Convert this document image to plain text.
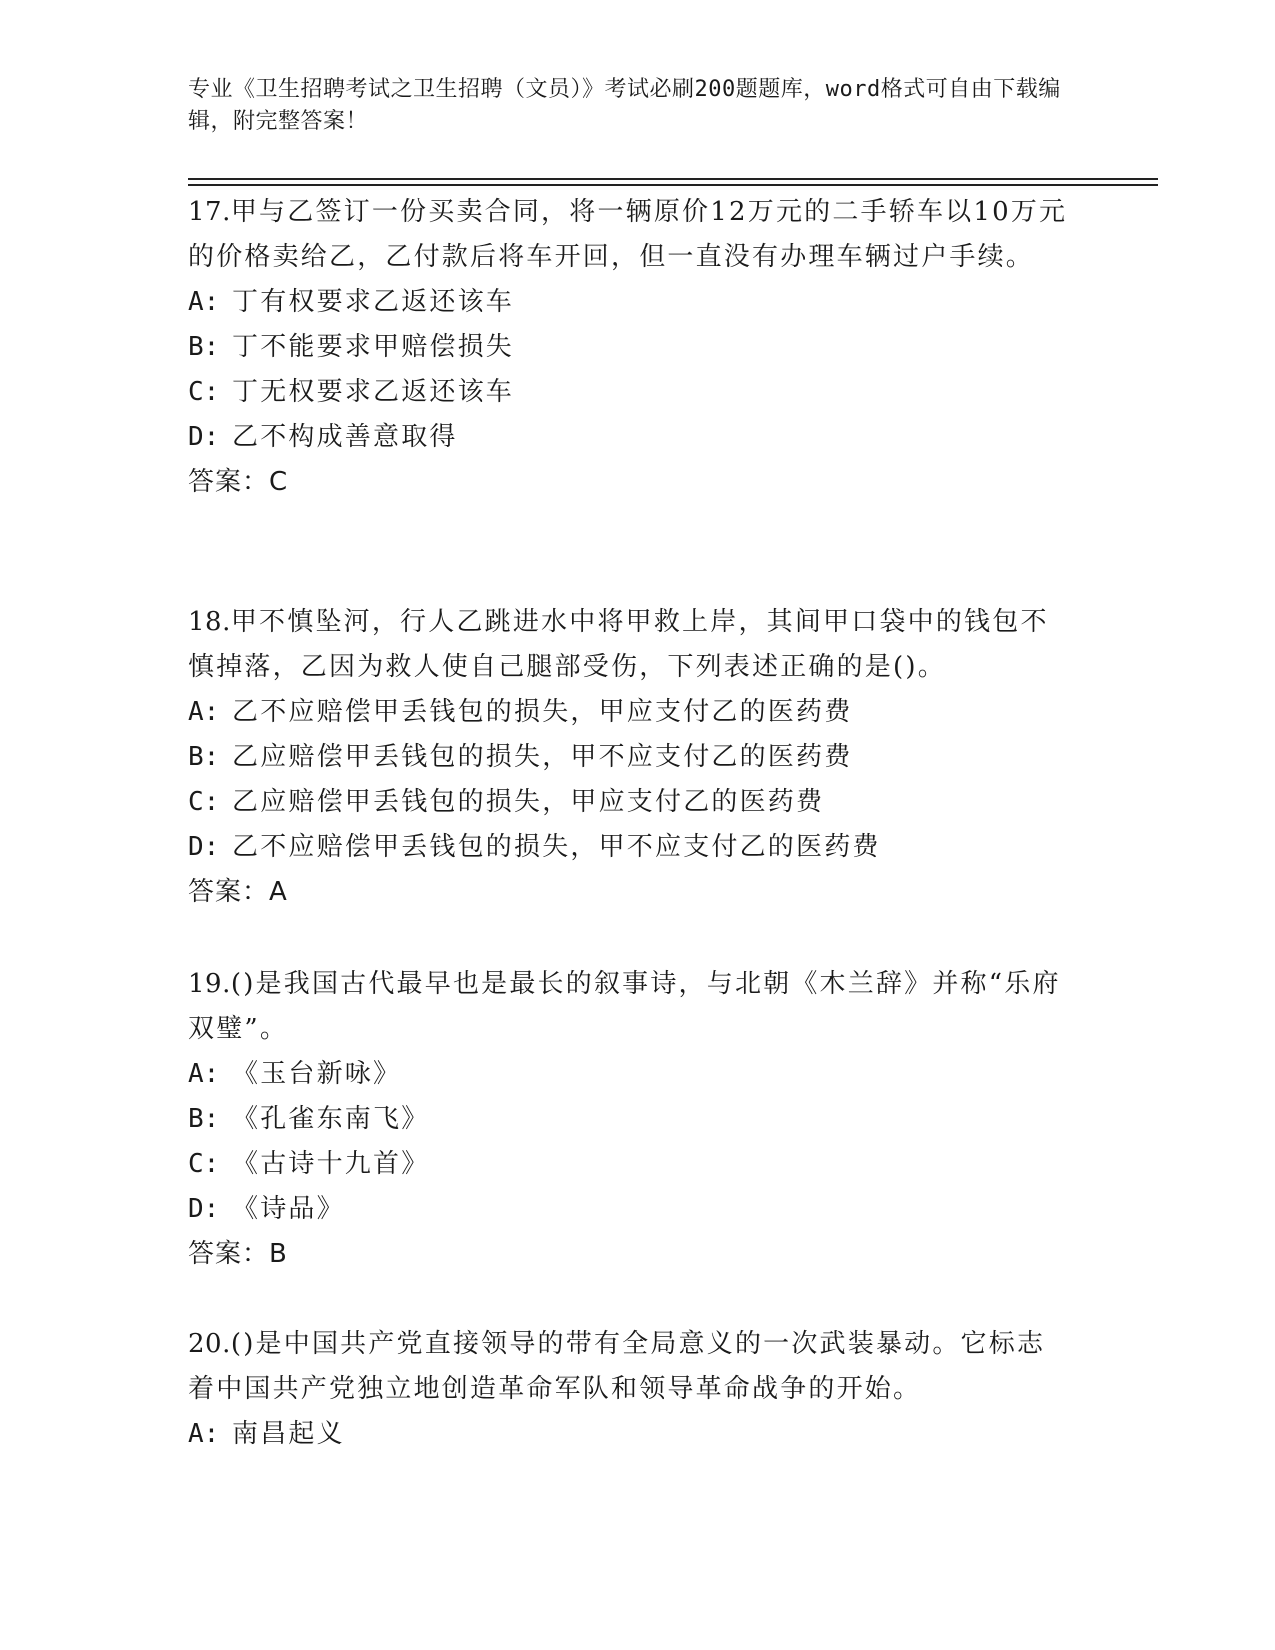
专业《卫生招聘考试之卫生招聘（文员）》考试必刷200题题库，word格式可自由下载编辑，附完整答案！

17.甲与乙签订一份买卖合同，将一辆原价12万元的二手轿车以10万元的价格卖给乙，乙付款后将车开回，但一直没有办理车辆过户手续。

A: 丁有权要求乙返还该车

B: 丁不能要求甲赔偿损失

C: 丁无权要求乙返还该车

D: 乙不构成善意取得

答案：C

18.甲不慎坠河，行人乙跳进水中将甲救上岸，其间甲口袋中的钱包不慎掉落，乙因为救人使自己腿部受伤，下列表述正确的是()。

A: 乙不应赔偿甲丢钱包的损失，甲应支付乙的医药费

B: 乙应赔偿甲丢钱包的损失，甲不应支付乙的医药费

C: 乙应赔偿甲丢钱包的损失，甲应支付乙的医药费

D: 乙不应赔偿甲丢钱包的损失，甲不应支付乙的医药费

答案：A

19.()是我国古代最早也是最长的叙事诗，与北朝《木兰辞》并称“乐府双璧”。

A: 《玉台新咏》

B: 《孔雀东南飞》

C: 《古诗十九首》

D: 《诗品》

答案：B

20.()是中国共产党直接领导的带有全局意义的一次武装暴动。它标志着中国共产党独立地创造革命军队和领导革命战争的开始。

A: 南昌起义
